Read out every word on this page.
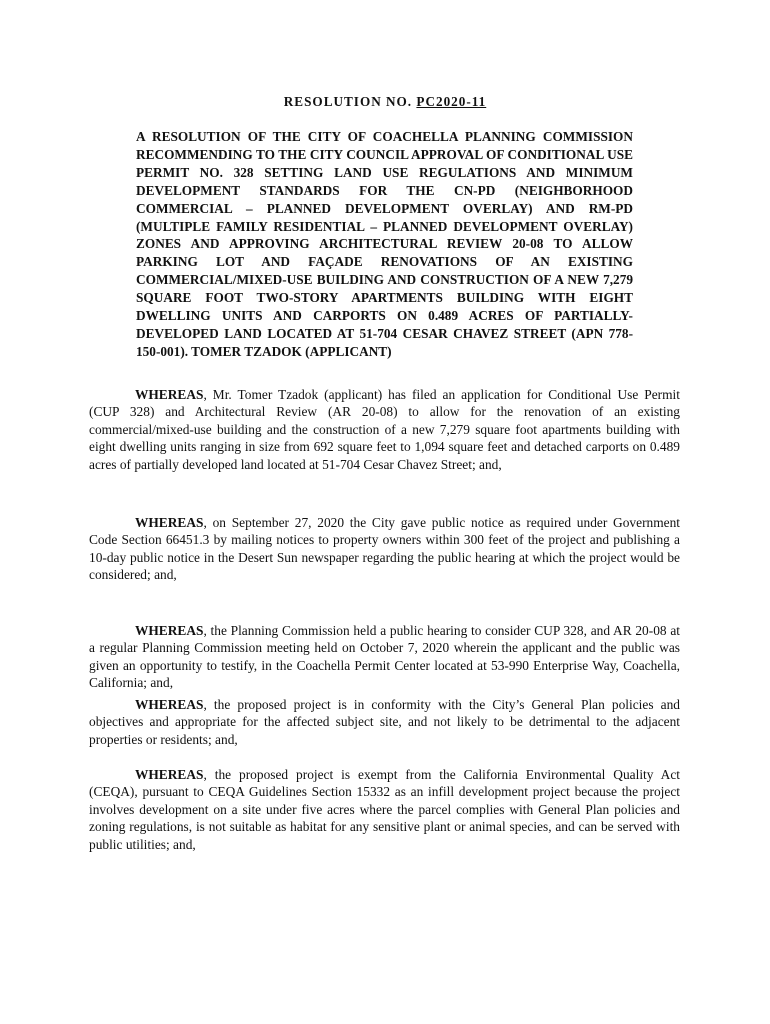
RESOLUTION NO. PC2020-11
A RESOLUTION OF THE CITY OF COACHELLA PLANNING COMMISSION RECOMMENDING TO THE CITY COUNCIL APPROVAL OF CONDITIONAL USE PERMIT NO. 328 SETTING LAND USE REGULATIONS AND MINIMUM DEVELOPMENT STANDARDS FOR THE CN-PD (NEIGHBORHOOD COMMERCIAL – PLANNED DEVELOPMENT OVERLAY) AND RM-PD (MULTIPLE FAMILY RESIDENTIAL – PLANNED DEVELOPMENT OVERLAY) ZONES AND APPROVING ARCHITECTURAL REVIEW 20-08 TO ALLOW PARKING LOT AND FAÇADE RENOVATIONS OF AN EXISTING COMMERCIAL/MIXED-USE BUILDING AND CONSTRUCTION OF A NEW 7,279 SQUARE FOOT TWO-STORY APARTMENTS BUILDING WITH EIGHT DWELLING UNITS AND CARPORTS ON 0.489 ACRES OF PARTIALLY-DEVELOPED LAND LOCATED AT 51-704 CESAR CHAVEZ STREET (APN 778-150-001). TOMER TZADOK (APPLICANT)

WHEREAS, Mr. Tomer Tzadok (applicant) has filed an application for Conditional Use Permit (CUP 328) and Architectural Review (AR 20-08) to allow for the renovation of an existing commercial/mixed-use building and the construction of a new 7,279 square foot apartments building with eight dwelling units ranging in size from 692 square feet to 1,094 square feet and detached carports on 0.489 acres of partially developed land located at 51-704 Cesar Chavez Street; and,

WHEREAS, on September 27, 2020 the City gave public notice as required under Government Code Section 66451.3 by mailing notices to property owners within 300 feet of the project and publishing a 10-day public notice in the Desert Sun newspaper regarding the public hearing at which the project would be considered; and,

WHEREAS, the Planning Commission held a public hearing to consider CUP 328, and AR 20-08 at a regular Planning Commission meeting held on October 7, 2020 wherein the applicant and the public was given an opportunity to testify, in the Coachella Permit Center located at 53-990 Enterprise Way, Coachella, California; and,

WHEREAS, the proposed project is in conformity with the City’s General Plan policies and objectives and appropriate for the affected subject site, and not likely to be detrimental to the adjacent properties or residents; and,

WHEREAS, the proposed project is exempt from the California Environmental Quality Act (CEQA), pursuant to CEQA Guidelines Section 15332 as an infill development project because the project involves development on a site under five acres where the parcel complies with General Plan policies and zoning regulations, is not suitable as habitat for any sensitive plant or animal species, and can be served with public utilities; and,
